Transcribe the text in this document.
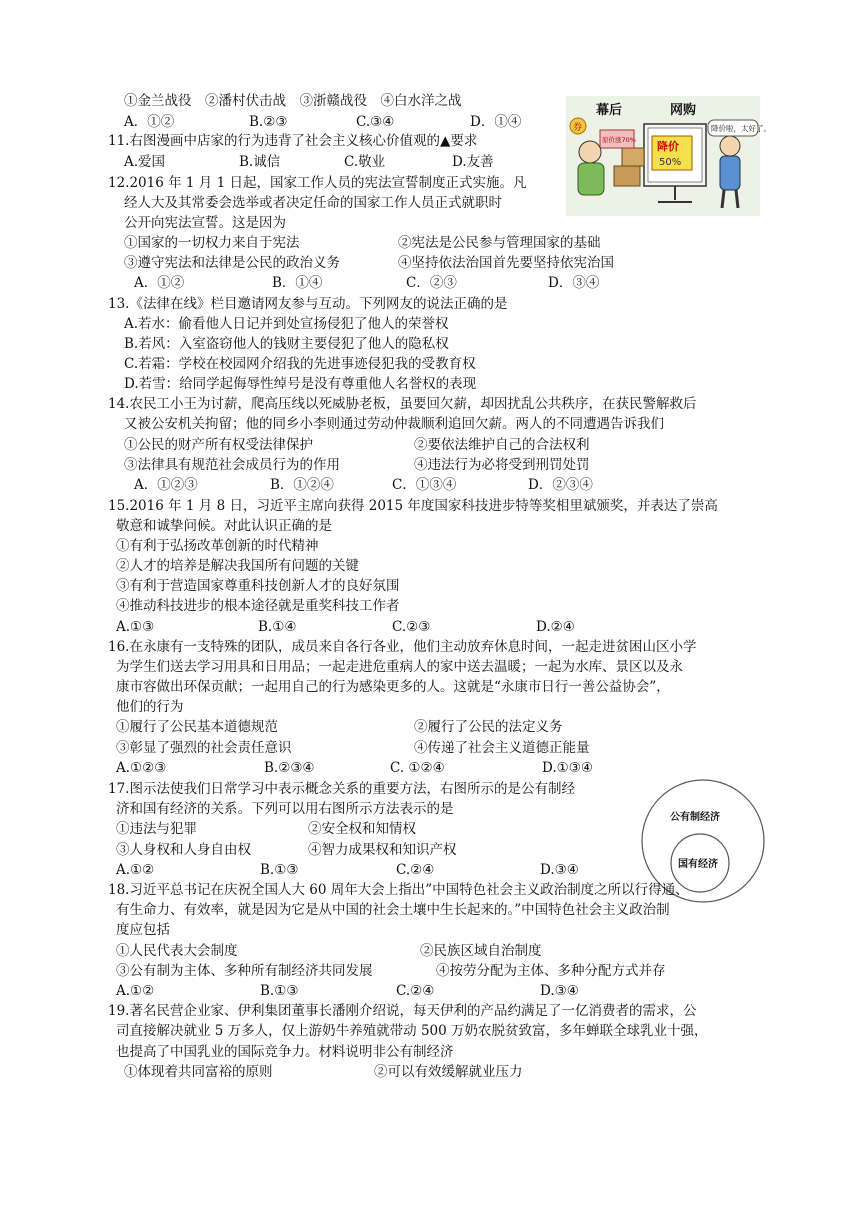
①金兰战役　②潘村伏击战　③浙赣战役　④白水洋之战
A．①②	B.②③	C.③④	D．①④
幕后	网购
降价
50%
原价涨70%
券	降价啦，太好了。
11.右图漫画中店家的行为违背了社会主义核心价值观的▲要求
A.爱国	B.诚信	C.敬业	D.友善
12.2016 年 1 月 1 日起，国家工作人员的宪法宣誓制度正式实施。凡
经人大及其常委会选举或者决定任命的国家工作人员正式就职时
公开向宪法宣誓。这是因为
①国家的一切权力来自于宪法	②宪法是公民参与管理国家的基础
③遵守宪法和法律是公民的政治义务	④坚持依法治国首先要坚持依宪治国
A．①②	B．①④	C．②③	D．③④
13.《法律在线》栏目邀请网友参与互动。下列网友的说法正确的是
A.若水：偷看他人日记并到处宣扬侵犯了他人的荣誉权
B.若风：入室盗窃他人的钱财主要侵犯了他人的隐私权
C.若霜：学校在校园网介绍我的先进事迹侵犯我的受教育权
D.若雪：给同学起侮辱性绰号是没有尊重他人名誉权的表现
14.农民工小王为讨薪，爬高压线以死威胁老板，虽要回欠薪，却因扰乱公共秩序，在获民警解救后
又被公安机关拘留；他的同乡小李则通过劳动仲裁顺利追回欠薪。两人的不同遭遇告诉我们
①公民的财产所有权受法律保护	②要依法维护自己的合法权利
③法律具有规范社会成员行为的作用	④违法行为必将受到刑罚处罚
A．①②③	B．①②④	C．①③④	D．②③④
15.2016 年 1 月 8 日，习近平主席向获得 2015 年度国家科技进步特等奖相里斌颁奖，并表达了崇高
敬意和诚挚问候。对此认识正确的是
①有利于弘扬改革创新的时代精神
②人才的培养是解决我国所有问题的关键
③有利于营造国家尊重科技创新人才的良好氛围
④推动科技进步的根本途径就是重奖科技工作者
A.①③	B.①④	C.②③	D.②④
16.在永康有一支特殊的团队，成员来自各行各业，他们主动放弃休息时间，一起走进贫困山区小学
为学生们送去学习用具和日用品；一起走进危重病人的家中送去温暖；一起为水库、景区以及永
康市容做出环保贡献；一起用自己的行为感染更多的人。这就是“永康市日行一善公益协会”，
他们的行为
①履行了公民基本道德规范	②履行了公民的法定义务
③彰显了强烈的社会责任意识	④传递了社会主义道德正能量
A.①②③	B.②③④	C. ①②④	D.①③④
公有制经济
国有经济
17.图示法使我们日常学习中表示概念关系的重要方法，右图所示的是公有制经
济和国有经济的关系。下列可以用右图所示方法表示的是
①违法与犯罪	②安全权和知情权
③人身权和人身自由权	④智力成果权和知识产权
A.①②	B.①③	C.②④	D.③④
18.习近平总书记在庆祝全国人大 60 周年大会上指出”中国特色社会主义政治制度之所以行得通、
有生命力、有效率，就是因为它是从中国的社会土壤中生长起来的。”中国特色社会主义政治制
度应包括
①人民代表大会制度	②民族区域自治制度
③公有制为主体、多种所有制经济共同发展	④按劳分配为主体、多种分配方式并存
A.①②	B.①③	C.②④	D.③④
19.著名民营企业家、伊利集团董事长潘刚介绍说，每天伊利的产品约满足了一亿消费者的需求，公
司直接解决就业 5 万多人，仅上游奶牛养殖就带动 500 万奶农脱贫致富，多年蝉联全球乳业十强，
也提高了中国乳业的国际竞争力。材料说明非公有制经济
①体现着共同富裕的原则	②可以有效缓解就业压力
